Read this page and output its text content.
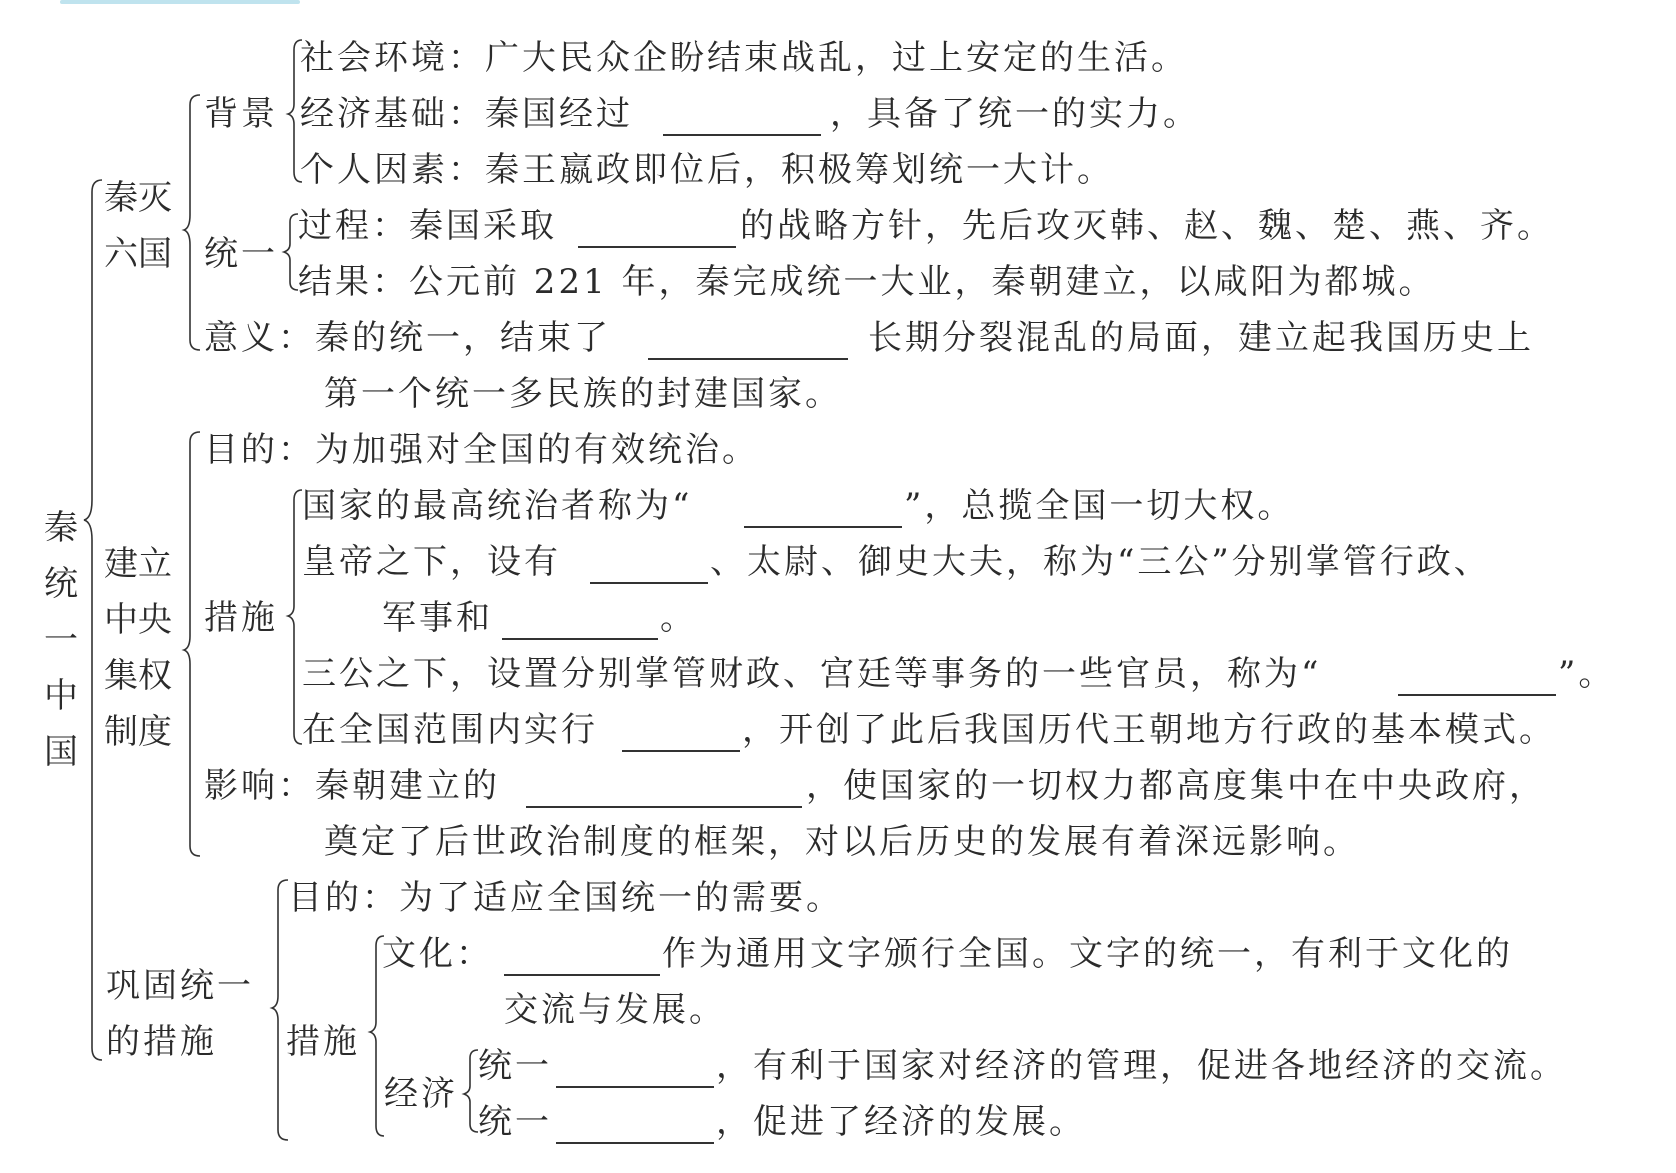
秦统一中国
秦灭六国
背景
社会环境：广大民众企盼结束战乱，过上安定的生活。
经济基础：秦国经过	，具备了统一的实力。
个人因素：秦王嬴政即位后，积极筹划统一大计。
统一
过程：秦国采取	的战略方针，先后攻灭韩、赵、魏、楚、燕、齐。
结果：公元前 221 年，秦完成统一大业，秦朝建立，以咸阳为都城。
意义：秦的统一，结束了	长期分裂混乱的局面，建立起我国历史上
第一个统一多民族的封建国家。
建立中央集权制度
目的：为加强对全国的有效统治。
措施
国家的最高统治者称为“	”，总揽全国一切大权。
皇帝之下，设有	、太尉、御史大夫，称为“三公”分别掌管行政、
军事和	。
三公之下，设置分别掌管财政、宫廷等事务的一些官员，称为“	”。
在全国范围内实行	，开创了此后我国历代王朝地方行政的基本模式。
影响：秦朝建立的	，使国家的一切权力都高度集中在中央政府，
奠定了后世政治制度的框架，对以后历史的发展有着深远影响。
巩固统一
的措施
目的：为了适应全国统一的需要。
措施
文化：	作为通用文字颁行全国。文字的统一，有利于文化的
交流与发展。
经济
统一	，有利于国家对经济的管理，促进各地经济的交流。
统一	，促进了经济的发展。
